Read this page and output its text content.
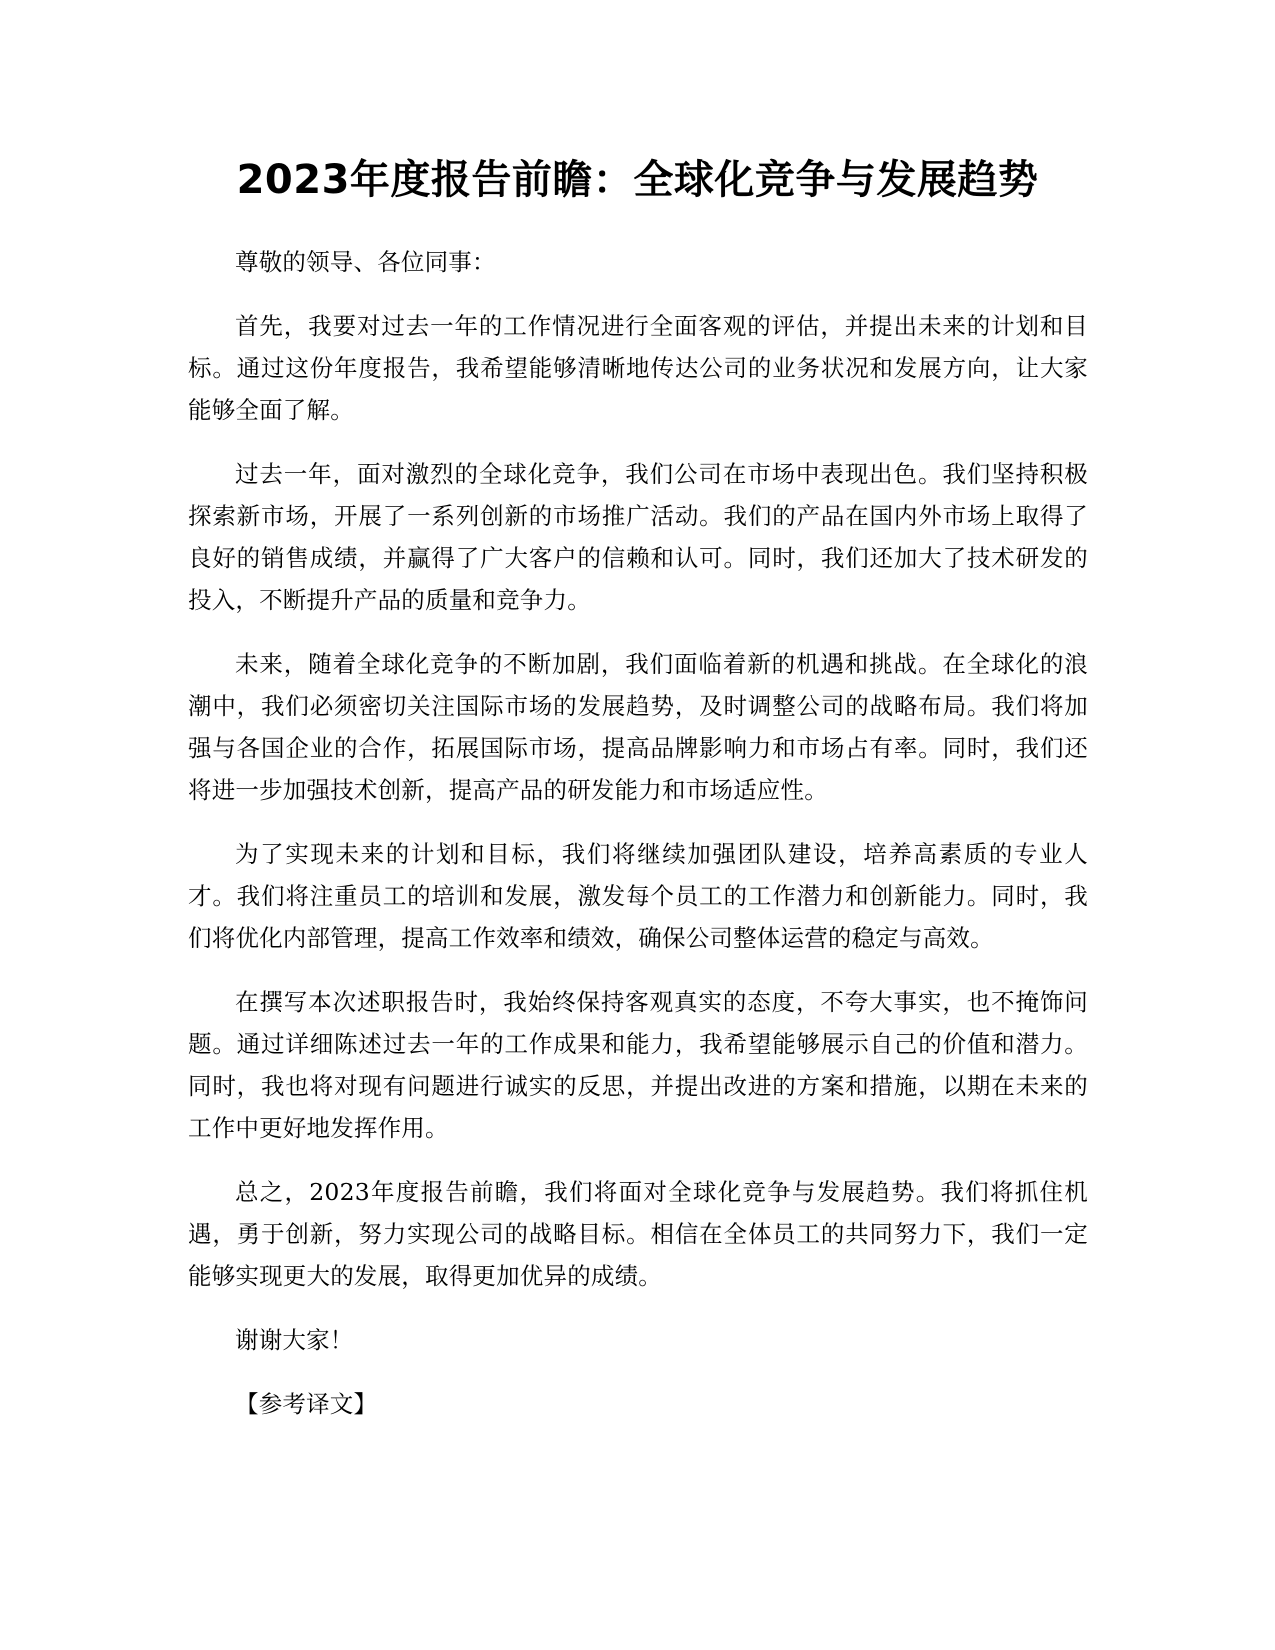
2023年度报告前瞻：全球化竞争与发展趋势

尊敬的领导、各位同事：

首先，我要对过去一年的工作情况进行全面客观的评估，并提出未来的计划和目标。通过这份年度报告，我希望能够清晰地传达公司的业务状况和发展方向，让大家能够全面了解。

过去一年，面对激烈的全球化竞争，我们公司在市场中表现出色。我们坚持积极探索新市场，开展了一系列创新的市场推广活动。我们的产品在国内外市场上取得了良好的销售成绩，并赢得了广大客户的信赖和认可。同时，我们还加大了技术研发的投入，不断提升产品的质量和竞争力。

未来，随着全球化竞争的不断加剧，我们面临着新的机遇和挑战。在全球化的浪潮中，我们必须密切关注国际市场的发展趋势，及时调整公司的战略布局。我们将加强与各国企业的合作，拓展国际市场，提高品牌影响力和市场占有率。同时，我们还将进一步加强技术创新，提高产品的研发能力和市场适应性。

为了实现未来的计划和目标，我们将继续加强团队建设，培养高素质的专业人才。我们将注重员工的培训和发展，激发每个员工的工作潜力和创新能力。同时，我们将优化内部管理，提高工作效率和绩效，确保公司整体运营的稳定与高效。

在撰写本次述职报告时，我始终保持客观真实的态度，不夸大事实，也不掩饰问题。通过详细陈述过去一年的工作成果和能力，我希望能够展示自己的价值和潜力。同时，我也将对现有问题进行诚实的反思，并提出改进的方案和措施，以期在未来的工作中更好地发挥作用。

总之，2023年度报告前瞻，我们将面对全球化竞争与发展趋势。我们将抓住机遇，勇于创新，努力实现公司的战略目标。相信在全体员工的共同努力下，我们一定能够实现更大的发展，取得更加优异的成绩。

谢谢大家！

【参考译文】
